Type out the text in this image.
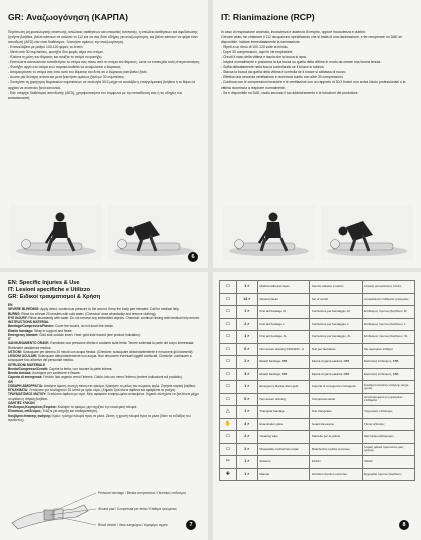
GR: Αναζωογόνηση (ΚΑΡΠΑ)

Περίπτωση μη φυσιολογικής αναπνοής, απώλειας αισθήσεων και απουσίας αναπνοής, η απώλεια αισθήσεων και αφυδάτωσης ζητήστε βοήθεια, βάλτε κάποιον να καλέσει το 112 και να σας δίνει οδηγίες για αναζωογόνηση, και βάλτε κάποιον να φέρει έναν απινιδωτή (AED) εάν είναι διαθέσιμος. Ξεκινήστε αμέσως την αναζωογόνηση.

- Επαναλάβετε με ρυθμό 100-120 φορές το λεπτό.

- Μετά από 30 συμπιέσεις, φυσήξτε δύο φορές αέρα στο στόμα.

- Κλείστε τη μύτη του θύματος και ανοίξτε το στόμα να φυσήξει.

- Εκπνεύστε κανονικά και τοποθετήστε το στόμα σας πάνω από το στόμα του θύματος, ώστε να επιτευχθεί καλή στεγανοποίηση.

- Φυσήξτε αργά στο στόμα ενώ παρακολουθείτε να ανυψώνεται ο θώρακας.

- Απομακρύνετε το στόμα σας από αυτό του θύματος και δείτε αν ο θώρακας κατεβαίνει ξανά.

- Δώστε μία δεύτερη ανάσα και μετά ξεκινήστε αμέσως ξανά με 30 συμπιέσεις.

- Συνεχίστε τη χορήγηση θωρακικών συμπιέσεων σε αναλογία 30:2 μέχρι να αναλάβει η επαγγελματική βοήθεια ή το θύμα να αρχίσει να αναπνέει ξανά κανονικά.

- Εάν υπάρχει διαθέσιμος απινιδωτής (AED), χρησιμοποιήστε τον σύμφωνα με την εκπαίδευση σας ή τις οδηγίες του κατασκευαστή.

6
IT: Rianimazione (RCP)

In caso di respirazione anomala, incoscienza e assenza di respiro, oppure incoscienza e dubbio:

Cercare aiuto, far chiamare il 112 da qualcuno specificando che si tratta di una rianimazione, e far recuperare un DAE se disponibile. Iniziare immediatamente la rianimazione.

- Ripeti a un ritmo di 100-120 volte al minuto.

- Dopo 30 compressioni, rapri le vie respiratorie.

- Chiudi il naso della vittima e lascia che la bocca si apra.

- Inspira normalmente e posiziona la tua bocca su quella della vittima in modo da creare una buona tenuta.

- Soffia delicatamente nella bocca controllando se il torace si solleva.

- Stacca la bocca da quella della vittima e controlla se il torace si abbassa di nuovo.

- Effettua una seconda ventilazione e ricomincia subito con altre 30 compressioni.

- Continua con le compressioni toraciche e le ventilazioni con un rapporto di 30:2 finché non arriva l'aiuto professionale o la vittima ricomincia a respirare normalmente.

- Se è disponibile un DAE, usalo secondo il tuo addestramento e le istruzioni del produttore.

EN: Specific Injuries & Use
IT: Lesioni specifiche e Utilizzo
GR: Ειδικοί τραυματισμοί & Χρήση

EN

SEVERE BLEEDING: Apply direct, continuous pressure to the wound. Keep the body part elevated. Call for medical help.

BURNS: Rinse for at least 20 minutes with cold water. (Chemical: rinse abundantly and remove clothing).

EYE INJURY: Rinse abundantly with water. Do not remove any embedded objects. Chemical: continue rinsing until medical help arrives.

INSTRUCTIONS MATERIAL

Bandage/Compresses/Plaster: Cover the wound, do not touch the inside.

Elastic bandage: Wrap to support and fixate.

Emergency blanket: Gold side outside insert. Heat: gold side inward (see product indication).

IT

SANGUINAMENTO GRAVE: Esercitare una pressione diretta e costante sulla ferita. Tenere sollevata la parte del corpo interessata. Richiedere assistenza medica.

USTIONI: Sciacquare per almeno 20 minuti con acqua fredda. (Chimiche: sciacquare abbondantemente e rimuovere gli indumenti).

LESIONI OCULARI: Sciacquare abbondantemente con acqua. Non rimuovere eventuali oggetti conficcati. Chimiche: continuare a sciacquare fino all'arrivo del personale medico.

ISTRUZIONI MATERIALE

Benda/Compresse/Cerotti: Coprire la ferita, non toccare la parte interna.

Benda elastica: Avvolgere per sostenere e fissare.

Coperta di emergenza: Freddo: lato argento verso l'interno. Caldo: lato oro verso l'interno (vedere indicazioni sul prodotto).

GR

ΣΟΒΑΡΗ ΑΙΜΟΡΡΑΓΙΑ: Ασκήστε άμεση, συνεχή πίεση στο τραύμα. Κρατήστε το μέλος του σώματος ψηλά. Ζητήστε ιατρική βοήθεια.

ΕΓΚΑΥΜΑΤΑ: Ξεπλύνετε για τουλάχιστον 20 λεπτά με κρύο νερό. (Χημικά: ξεπλύνετε άφθονα και αφαιρέστε τα ρούχα).

ΤΡΑΥΜΑΤΙΣΜΟΣ ΜΑΤΙΟΥ: Ξεπλύνετε άφθονα με νερό. Μην αφαιρείτε ενσφηνωμένα αντικείμενα. Χημικά: συνεχίστε να ξεπλένετε μέχρι να φτάσει η ιατρική βοήθεια.

ΟΔΗΓΙΕΣ ΥΛΙΚΩΝ

Επίδεσμος/Κομπρέσες/Τσιρότο: Καλύψτε το τραύμα, μην αγγίζετε την εσωτερική πλευρά.

Ελαστικός επίδεσμος: Τυλίξτε για στήριξη και σταθεροποίηση.

Κουβέρτα έκτακτης ανάγκης: Κρύο: η ασημί πλευρά προς τα μέσα. Ζέστη: η χρυσή πλευρά προς τα μέσα (δείτε τις ενδείξεις του προϊόντος).

Pressure bandage / Benda compressiva / Πιεστικός επίδεσμος
Wound pad / Compressa per ferita / Επίθεμα τραύματος
Blood vessel / Vaso sanguigno / Αιμοφόρο αγγείο	7
▭	1 ×	Medical adhesive tapes	Cerotto adesivo a nastro	Ιατρικές αυτοκόλλητες ταινίες
▭	14 ×	Wound plaster	Set di cerotti	Αυτοκόλλητα επιθέματα τραύματος
▭	1 ×	First aid bandage, M	Confezione per bendaggio, M	Επίδεσμος πρώτων βοηθειών, M
▭	2 ×	First aid bandage, L	Confezione per bendaggio, L	Επίδεσμος πρώτων βοηθειών, L
▭	1 ×	First aid bandage, XL	Confezione per bendaggio, XL	Επίδεσμος πρώτων βοηθειών, XL
▭	6 ×	Non-woven dressing DIN13152 - A	Telo per facciature	Μη υφασμένο επίθεμα
▭	2 ×	Elastic bandage, FBB	Fascia di garza elastica, FBB	Ελαστικός επίδεσμος, FBB
▭	3 ×	Elastic bandage, FBB	Fascia di garza elastica, FBB	Ελαστικός επίδεσμος, FBB
▭	1 ×	Emergency blanket silver-gold	Coperta di emergenza oro/argento	Κουβέρτα έκτακτης ανάγκης ασημί-χρυσή
▭	6 ×	Non-woven dressing	Compressa sterile	Αποστειρωμένα μη υφασμένα επιθέματα
△	1 ×	Triangular bandage	Telo triangolare	Τριγωνικός επίδεσμος
✋	4 ×	Examination glove	Guanti da esame	Γάντια εξέτασης
▭	2 ×	Cleaning wipe	Salviette per la pulizia	Μαντηλάκι καθαρισμού
▭	2 ×	Disposable medical face mask	Mascherina medica monouso	Ιατρική μάσκα προσώπου μιας χρήσης
✂	1 ×	Scissors	Forbici	Ψαλίδι
✚	1 ×	Manual	Istruzioni di primo soccorso	Εγχειρίδιο πρώτων βοηθειών
8
